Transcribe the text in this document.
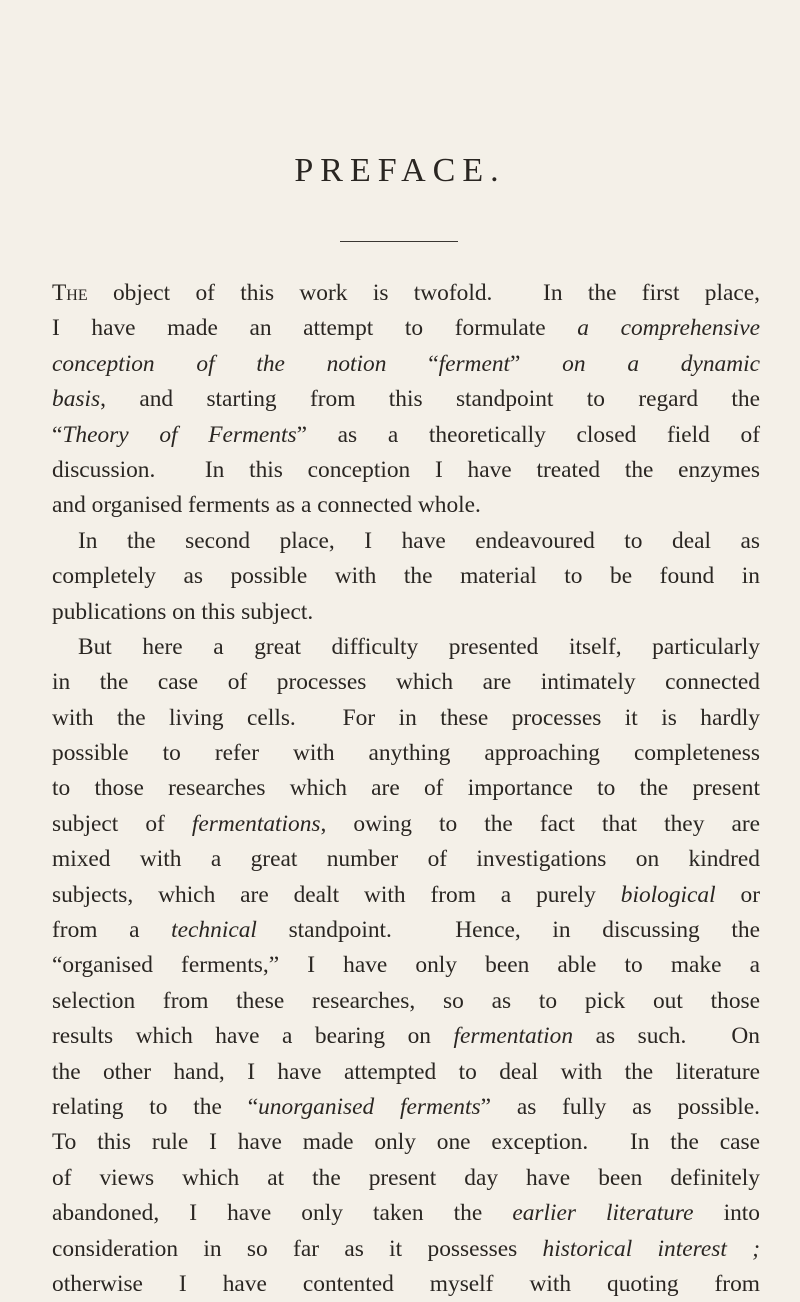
PREFACE.
The object of this work is twofold.  In the first place,
I have made an attempt to formulate a comprehensive
conception of the notion “ferment” on a dynamic
basis, and starting from this standpoint to regard the
“Theory of Ferments” as a theoretically closed field of
discussion.  In this conception I have treated the enzymes
and organised ferments as a connected whole.
In the second place, I have endeavoured to deal as
completely as possible with the material to be found in
publications on this subject.
But here a great difficulty presented itself, particularly
in the case of processes which are intimately connected
with the living cells.  For in these processes it is hardly
possible to refer with anything approaching completeness
to those researches which are of importance to the present
subject of fermentations, owing to the fact that they are
mixed with a great number of investigations on kindred
subjects, which are dealt with from a purely biological or
from a technical standpoint.  Hence, in discussing the
“organised ferments,” I have only been able to make a
selection from these researches, so as to pick out those
results which have a bearing on fermentation as such.  On
the other hand, I have attempted to deal with the literature
relating to the “unorganised ferments” as fully as possible.
To this rule I have made only one exception.  In the case
of views which at the present day have been definitely
abandoned, I have only taken the earlier literature into
consideration in so far as it possesses historical interest ;
otherwise I have contented myself with quoting from
